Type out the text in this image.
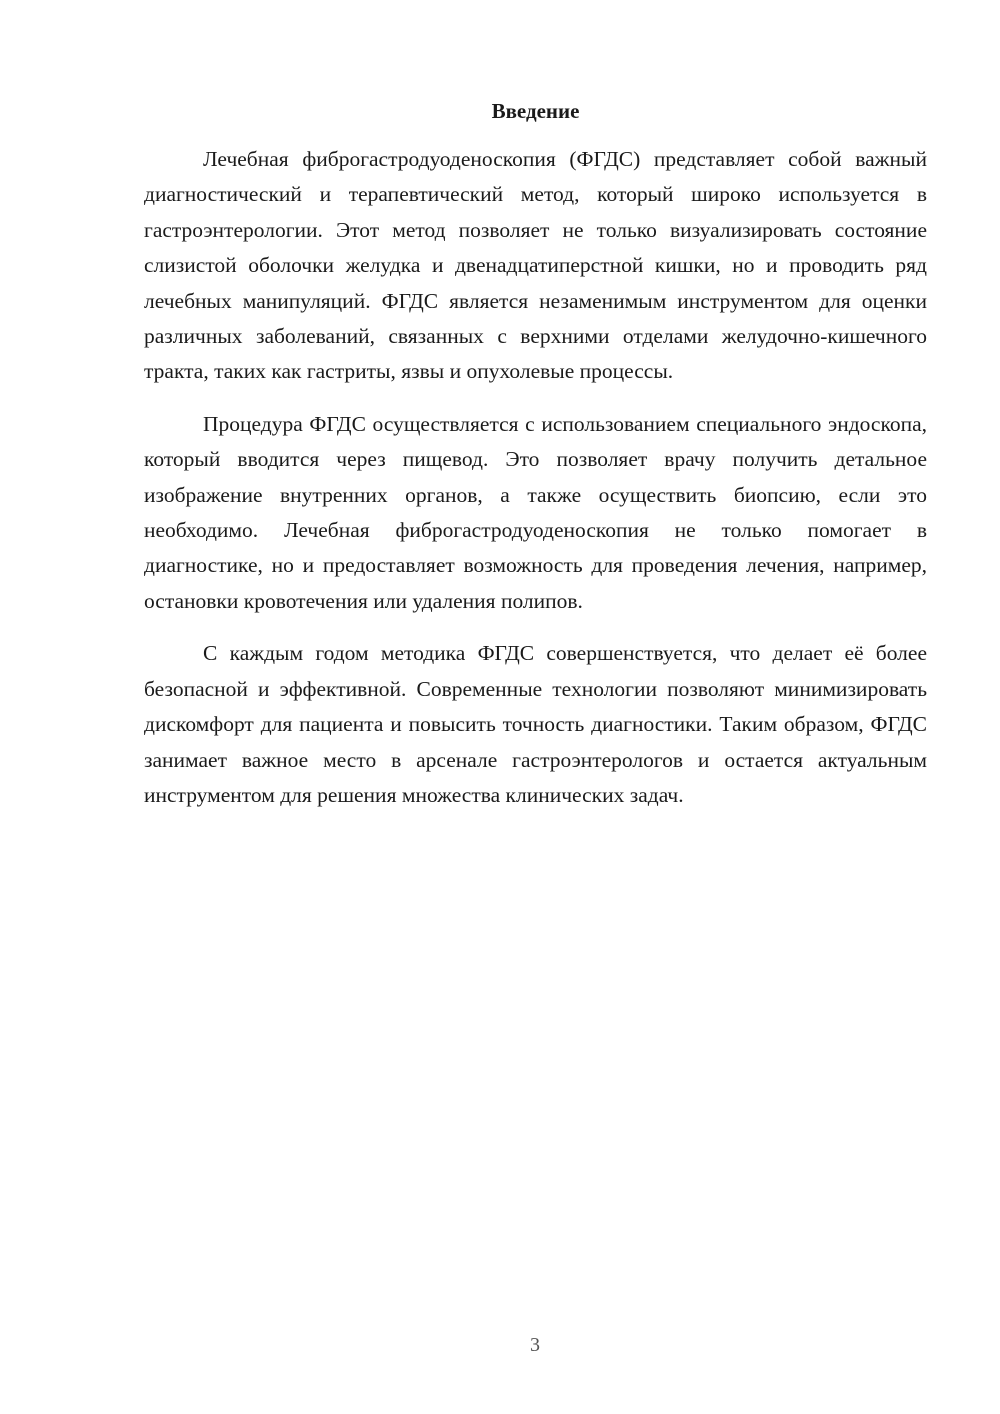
Введение

Лечебная фиброгастродуоденоскопия (ФГДС) представляет собой важный диагностический и терапевтический метод, который широко используется в гастроэнтерологии. Этот метод позволяет не только визуализировать состояние слизистой оболочки желудка и двенадцатиперстной кишки, но и проводить ряд лечебных манипуляций. ФГДС является незаменимым инструментом для оценки различных заболеваний, связанных с верхними отделами желудочно-кишечного тракта, таких как гастриты, язвы и опухолевые процессы.

Процедура ФГДС осуществляется с использованием специального эндоскопа, который вводится через пищевод. Это позволяет врачу получить детальное изображение внутренних органов, а также осуществить биопсию, если это необходимо. Лечебная фиброгастродуоденоскопия не только помогает в диагностике, но и предоставляет возможность для проведения лечения, например, остановки кровотечения или удаления полипов.

С каждым годом методика ФГДС совершенствуется, что делает её более безопасной и эффективной. Современные технологии позволяют минимизировать дискомфорт для пациента и повысить точность диагностики. Таким образом, ФГДС занимает важное место в арсенале гастроэнтерологов и остается актуальным инструментом для решения множества клинических задач.

3
